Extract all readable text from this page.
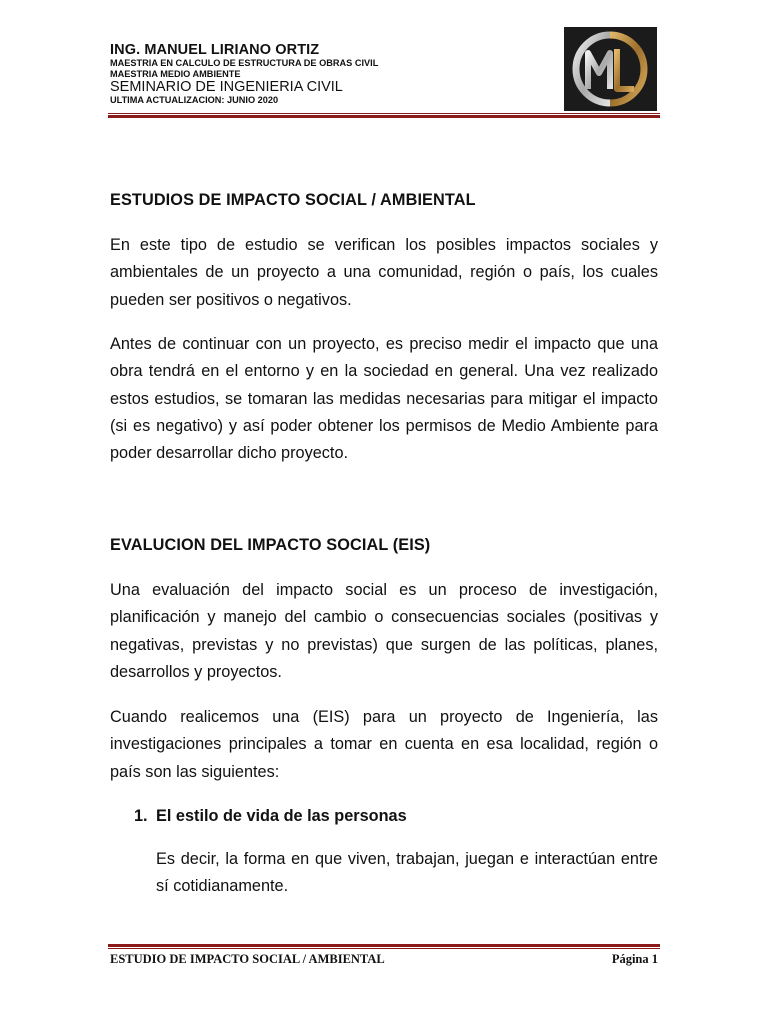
ING. MANUEL LIRIANO ORTIZ
MAESTRIA EN CALCULO DE ESTRUCTURA DE OBRAS CIVIL
MAESTRIA MEDIO AMBIENTE
SEMINARIO DE INGENIERIA CIVIL
ULTIMA ACTUALIZACION: JUNIO 2020
ESTUDIOS DE IMPACTO SOCIAL / AMBIENTAL
En este tipo de estudio se verifican los posibles impactos sociales y ambientales de un proyecto a una comunidad, región o país, los cuales pueden ser positivos o negativos.
Antes de continuar con un proyecto, es preciso medir el impacto que una obra tendrá en el entorno y en la sociedad en general. Una vez realizado estos estudios, se tomaran las medidas necesarias para mitigar el impacto (si es negativo) y así poder obtener los permisos de Medio Ambiente para poder desarrollar dicho proyecto.
EVALUCION DEL IMPACTO SOCIAL (EIS)
Una evaluación del impacto social es un proceso de investigación, planificación y manejo del cambio o consecuencias sociales (positivas y negativas, previstas y no previstas) que surgen de las políticas, planes, desarrollos y proyectos.
Cuando realicemos una (EIS) para un proyecto de Ingeniería, las investigaciones principales a tomar en cuenta en esa localidad, región o país son las siguientes:
1. El estilo de vida de las personas
Es decir, la forma en que viven, trabajan, juegan e interactúan entre sí cotidianamente.
ESTUDIO DE IMPACTO SOCIAL / AMBIENTAL	Página 1
